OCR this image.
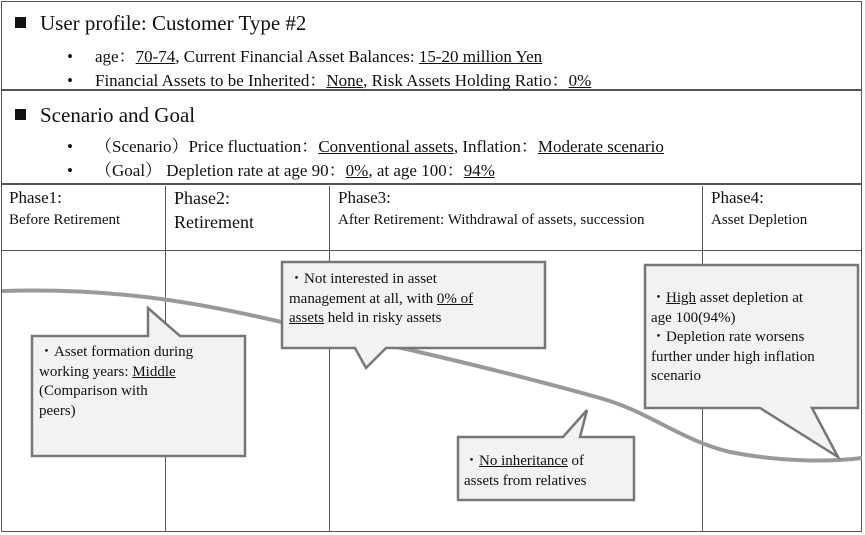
User profile: Customer Type #2
• age：70-74, Current Financial Asset Balances: 15-20 million Yen
• Financial Assets to be Inherited：None, Risk Assets Holding Ratio：0%
Scenario and Goal
• （Scenario）Price fluctuation：Conventional assets, Inflation：Moderate scenario
• （Goal） Depletion rate at age 90：0%, at age 100：94%
Phase1:
Before Retirement
Phase2:
Retirement
Phase3:
After Retirement: Withdrawal of assets, succession
Phase4:
Asset Depletion
・Asset formation during
working years: Middle
(Comparison with
peers)
・Not interested in asset
management at all, with 0% of
assets held in risky assets
・No inheritance of
assets from relatives
・High asset depletion at
age 100(94%)
・Depletion rate worsens
further under high inflation
scenario
